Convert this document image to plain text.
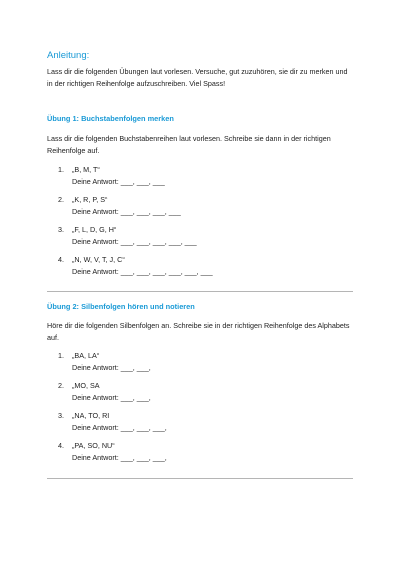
Anleitung:
Lass dir die folgenden Übungen laut vorlesen. Versuche, gut zuzuhören, sie dir zu merken und in der richtigen Reihenfolge aufzuschreiben. Viel Spass!
Übung 1: Buchstabenfolgen merken
Lass dir die folgenden Buchstabenreihen laut vorlesen. Schreibe sie dann in der richtigen Reihenfolge auf.
1. „B, M, T“
Deine Antwort: ___, ___, ___
2. „K, R, P, S“
Deine Antwort: ___, ___, ___, ___
3. „F, L, D, G, H“
Deine Antwort: ___, ___, ___, ___, ___
4. „N, W, V, T, J, C“
Deine Antwort: ___, ___, ___, ___, ___, ___
Übung 2: Silbenfolgen hören und notieren
Höre dir die folgenden Silbenfolgen an. Schreibe sie in der richtigen Reihenfolge des Alphabets auf.
1. „BA, LA“
Deine Antwort: ___, ___,
2. „MO, SA
Deine Antwort: ___, ___,
3. „NA, TO, RI
Deine Antwort: ___, ___, ___,
4. „PA, SO, NU“
Deine Antwort: ___, ___, ___,
